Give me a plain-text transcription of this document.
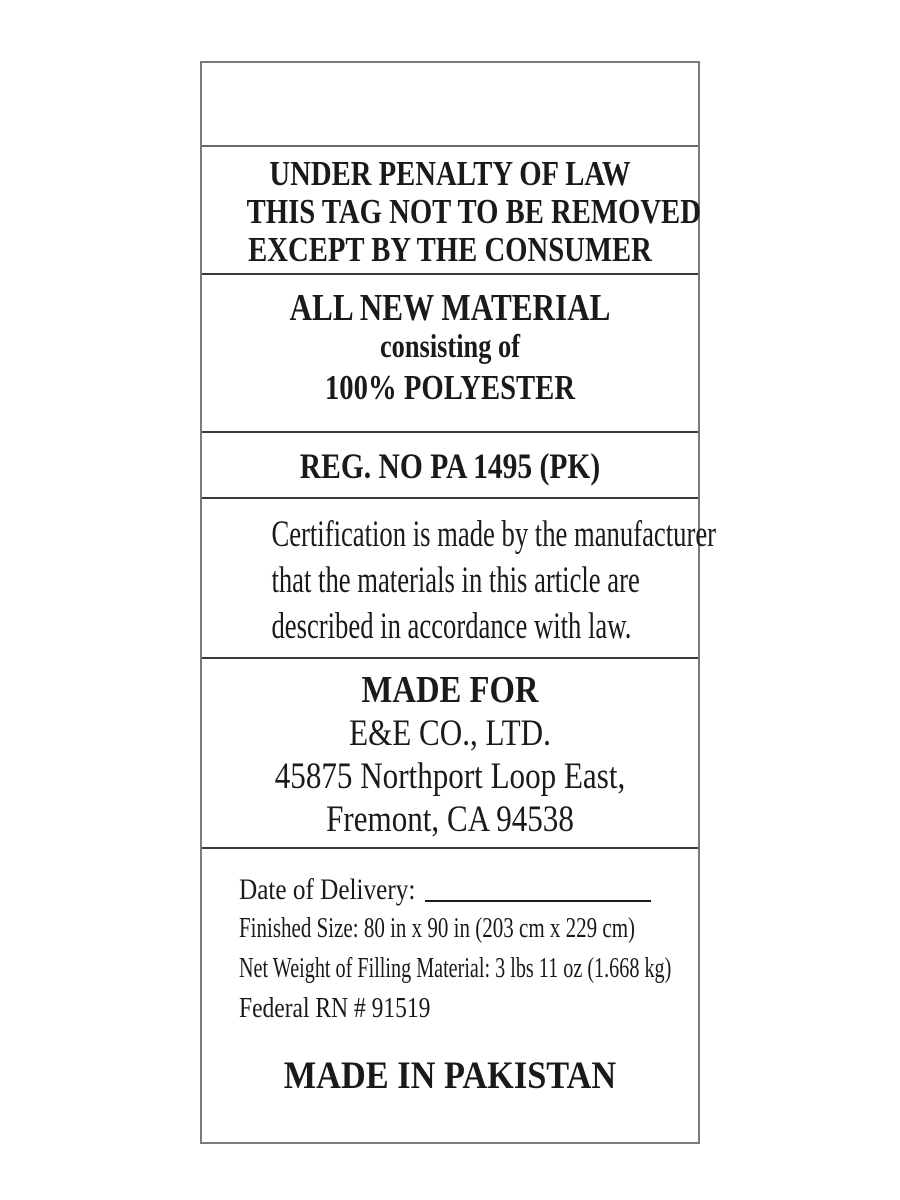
UNDER PENALTY OF LAW
THIS TAG NOT TO BE REMOVED
EXCEPT BY THE CONSUMER
ALL NEW MATERIAL
consisting of
100% POLYESTER
REG. NO PA 1495 (PK)
Certification is made by the manufacturer
that the materials in this article are
described in accordance with law.
MADE FOR
E&E CO., LTD.
45875 Northport Loop East,
Fremont, CA 94538
Date of Delivery:
Finished Size: 80 in x 90 in (203 cm x 229 cm)
Net Weight of Filling Material: 3 lbs 11 oz (1.668 kg)
Federal RN # 91519
MADE IN PAKISTAN
